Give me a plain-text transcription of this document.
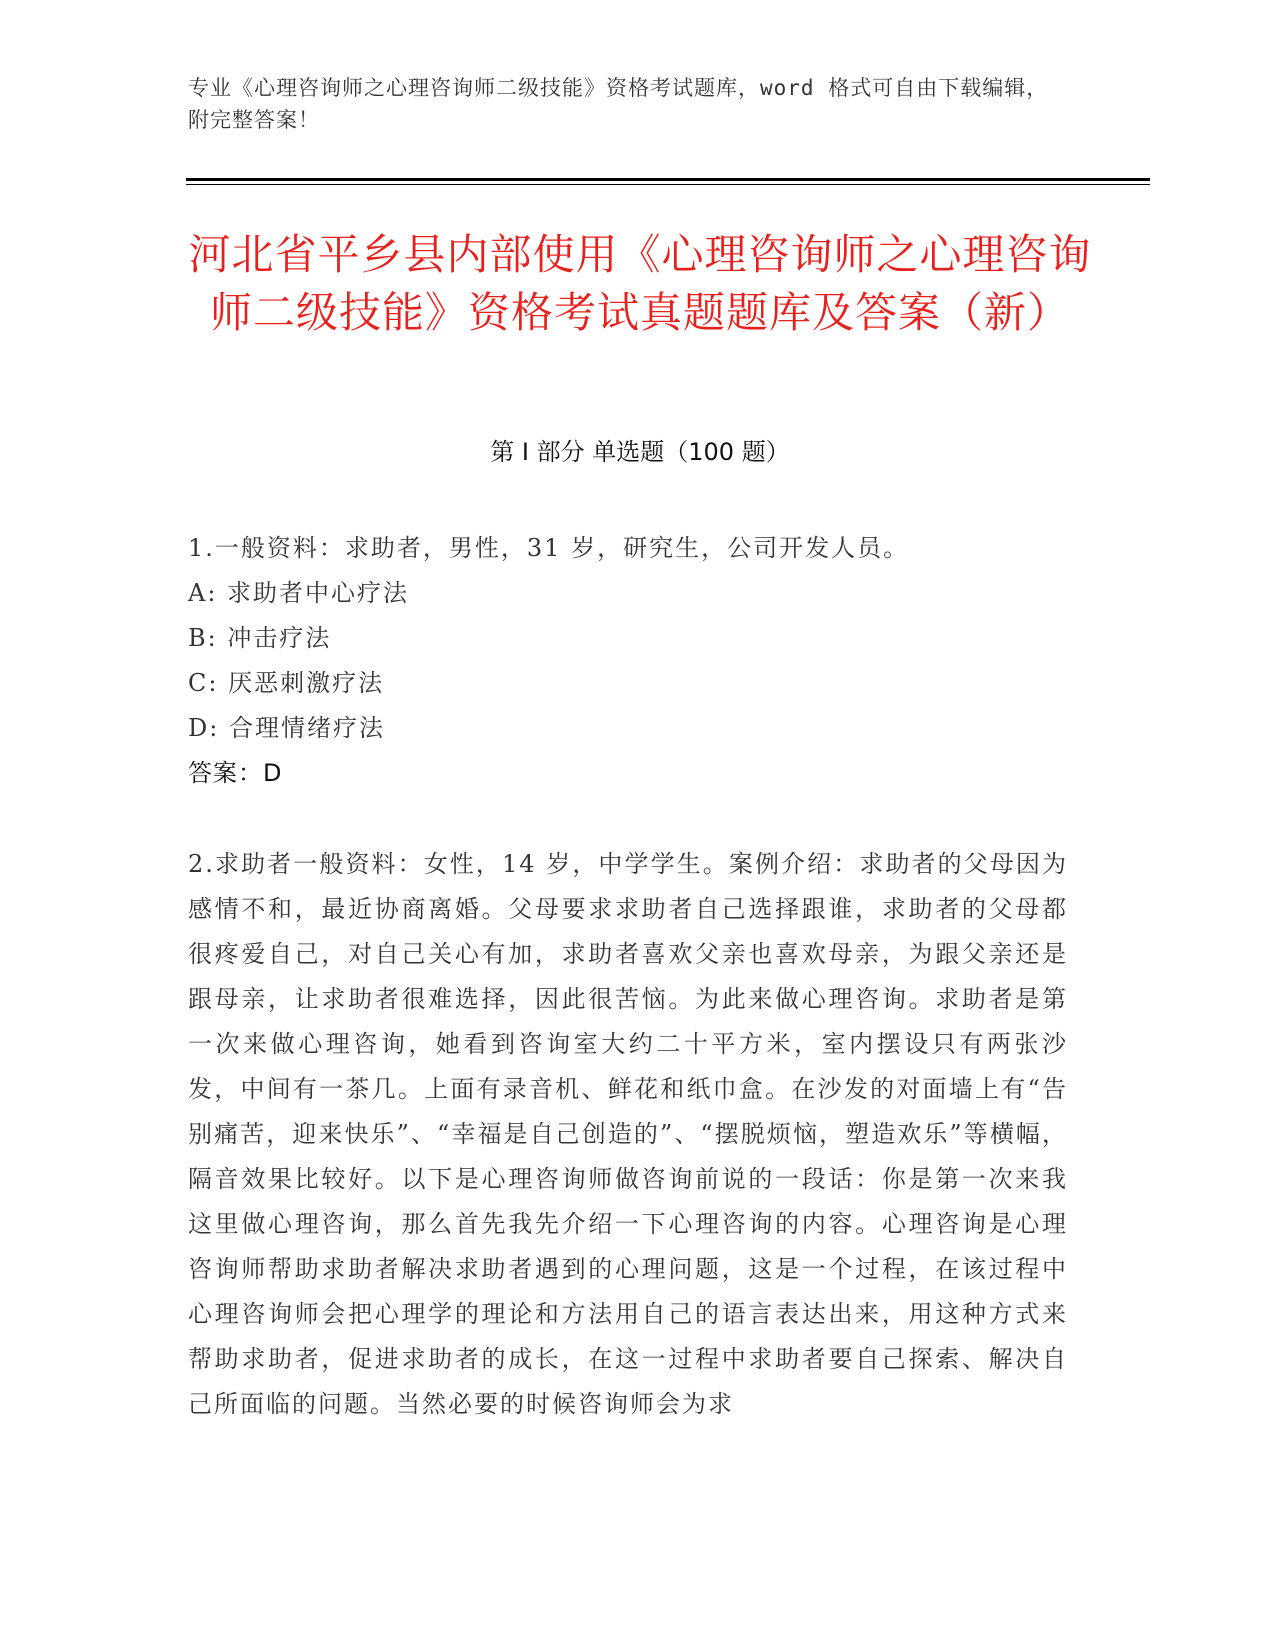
专业《心理咨询师之心理咨询师二级技能》资格考试题库，word 格式可自由下载编辑，附完整答案！
河北省平乡县内部使用《心理咨询师之心理咨询师二级技能》资格考试真题题库及答案（新）
第 I 部分 单选题（100 题）
1.一般资料：求助者，男性，31 岁，研究生，公司开发人员。
A: 求助者中心疗法
B: 冲击疗法
C: 厌恶刺激疗法
D: 合理情绪疗法
答案：D
2.求助者一般资料：女性，14 岁，中学学生。案例介绍：求助者的父母因为感情不和，最近协商离婚。父母要求求助者自己选择跟谁，求助者的父母都很疼爱自己，对自己关心有加，求助者喜欢父亲也喜欢母亲，为跟父亲还是跟母亲，让求助者很难选择，因此很苦恼。为此来做心理咨询。求助者是第一次来做心理咨询，她看到咨询室大约二十平方米，室内摆设只有两张沙发，中间有一茶几。上面有录音机、鲜花和纸巾盒。在沙发的对面墙上有“告别痛苦，迎来快乐”、“幸福是自己创造的”、“摆脱烦恼，塑造欢乐”等横幅，隔音效果比较好。以下是心理咨询师做咨询前说的一段话：你是第一次来我这里做心理咨询，那么首先我先介绍一下心理咨询的内容。心理咨询是心理咨询师帮助求助者解决求助者遇到的心理问题，这是一个过程，在该过程中心理咨询师会把心理学的理论和方法用自己的语言表达出来，用这种方式来帮助求助者，促进求助者的成长，在这一过程中求助者要自己探索、解决自己所面临的问题。当然必要的时候咨询师会为求
